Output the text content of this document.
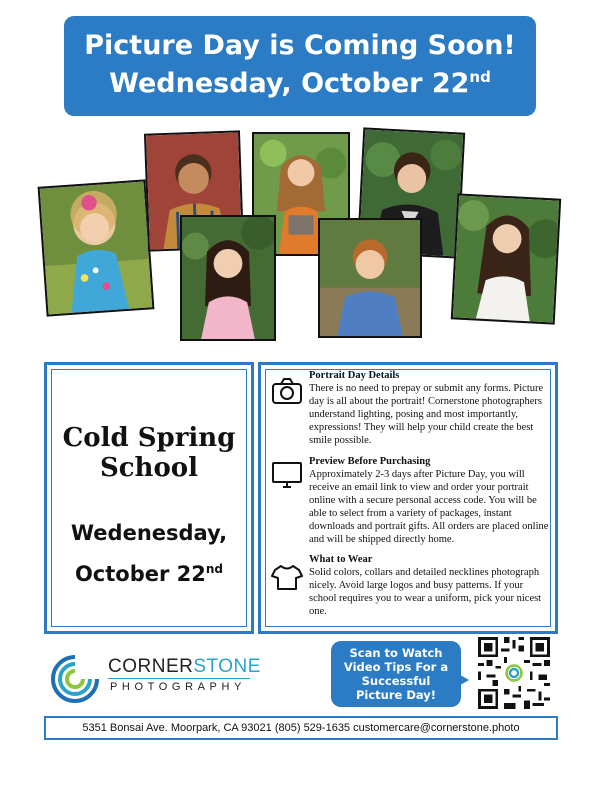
Picture Day is Coming Soon!
Wednesday, October 22nd
Cold Spring
School
Wedenesday,
October 22nd
Portrait Day Details
There is no need to prepay or submit any forms. Picture day is all about the portrait! Cornerstone photographers understand lighting, posing and most importantly, expressions! They will help your child create the best smile possible.
Preview Before Purchasing
Approximately 2-3 days after Picture Day, you will receive an email link to view and order your portrait online with a secure personal access code. You will be able to select from a variety of packages, instant downloads and portrait gifts. All orders are placed online and will be shipped directly home.
What to Wear
Solid colors, collars and detailed necklines photograph nicely. Avoid large logos and busy patterns. If your school requires you to wear a uniform, pick your nicest one.
CORNERSTONE
PHOTOGRAPHY
Scan to Watch
Video Tips For a
Successful
Picture Day!
5351 Bonsai Ave. Moorpark, CA 93021 (805) 529-1635 customercare@cornerstone.photo
